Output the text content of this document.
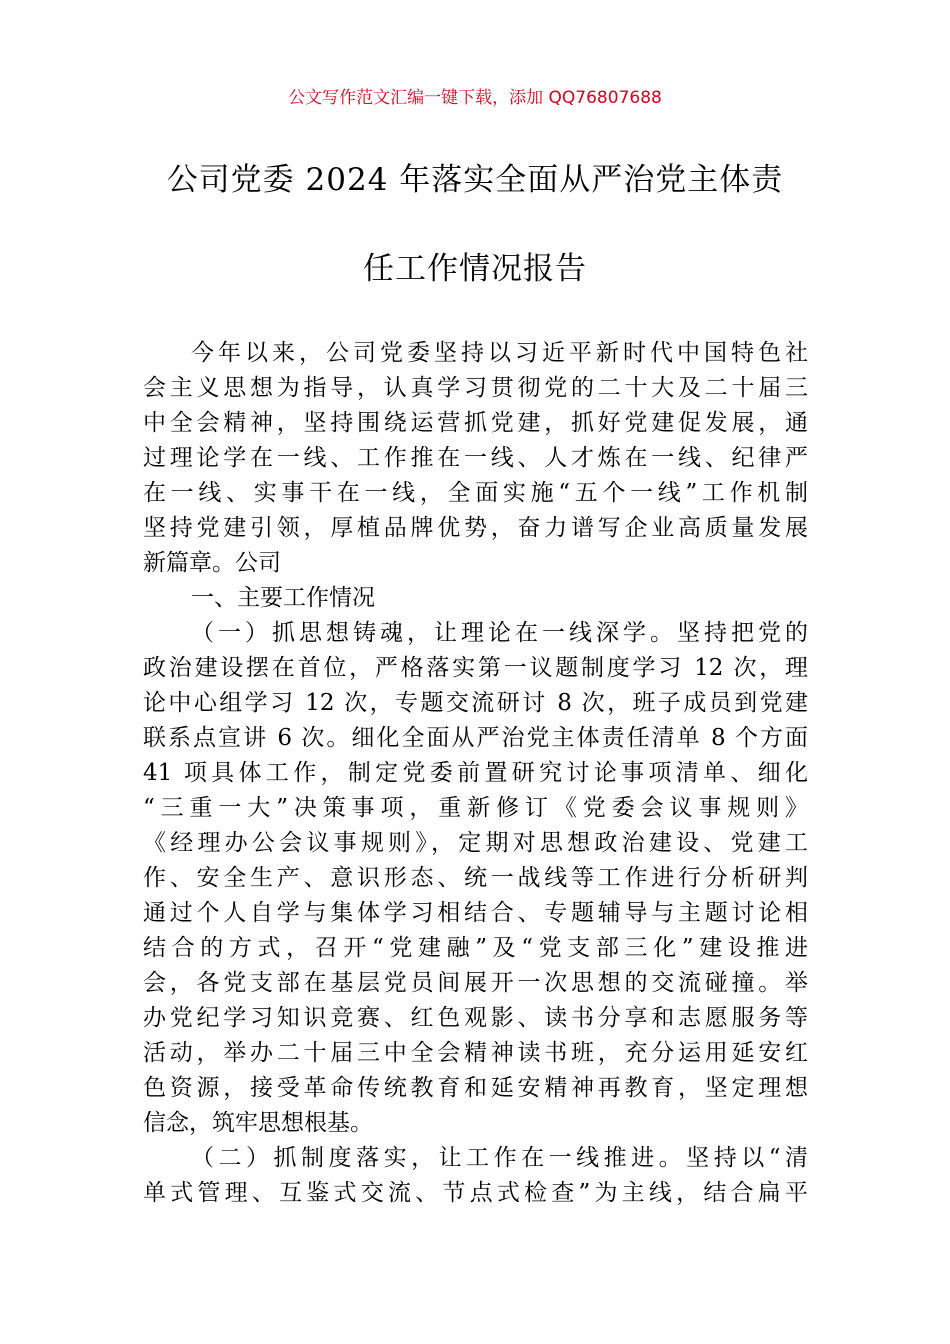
公文写作范文汇编一键下载，添加 QQ76807688
公司党委 2024 年落实全面从严治党主体责
任工作情况报告
今年以来，公司党委坚持以习近平新时代中国特色社
会主义思想为指导，认真学习贯彻党的二十大及二十届三
中全会精神，坚持围绕运营抓党建，抓好党建促发展，通
过理论学在一线、工作推在一线、人才炼在一线、纪律严
在一线、实事干在一线，全面实施“五个一线”工作机制
坚持党建引领，厚植品牌优势，奋力谱写企业高质量发展
新篇章。公司
一、主要工作情况
（一）抓思想铸魂，让理论在一线深学。坚持把党的
政治建设摆在首位，严格落实第一议题制度学习 12 次，理
论中心组学习 12 次，专题交流研讨 8 次，班子成员到党建
联系点宣讲 6 次。细化全面从严治党主体责任清单 8 个方面
41 项具体工作，制定党委前置研究讨论事项清单、细化
“三重一大”决策事项，重新修订《党委会议事规则》
《经理办公会议事规则》，定期对思想政治建设、党建工
作、安全生产、意识形态、统一战线等工作进行分析研判
通过个人自学与集体学习相结合、专题辅导与主题讨论相
结合的方式，召开“党建融”及“党支部三化”建设推进
会，各党支部在基层党员间展开一次思想的交流碰撞。举
办党纪学习知识竞赛、红色观影、读书分享和志愿服务等
活动，举办二十届三中全会精神读书班，充分运用延安红
色资源，接受革命传统教育和延安精神再教育，坚定理想
信念，筑牢思想根基。
（二）抓制度落实，让工作在一线推进。坚持以“清
单式管理、互鉴式交流、节点式检查”为主线，结合扁平
